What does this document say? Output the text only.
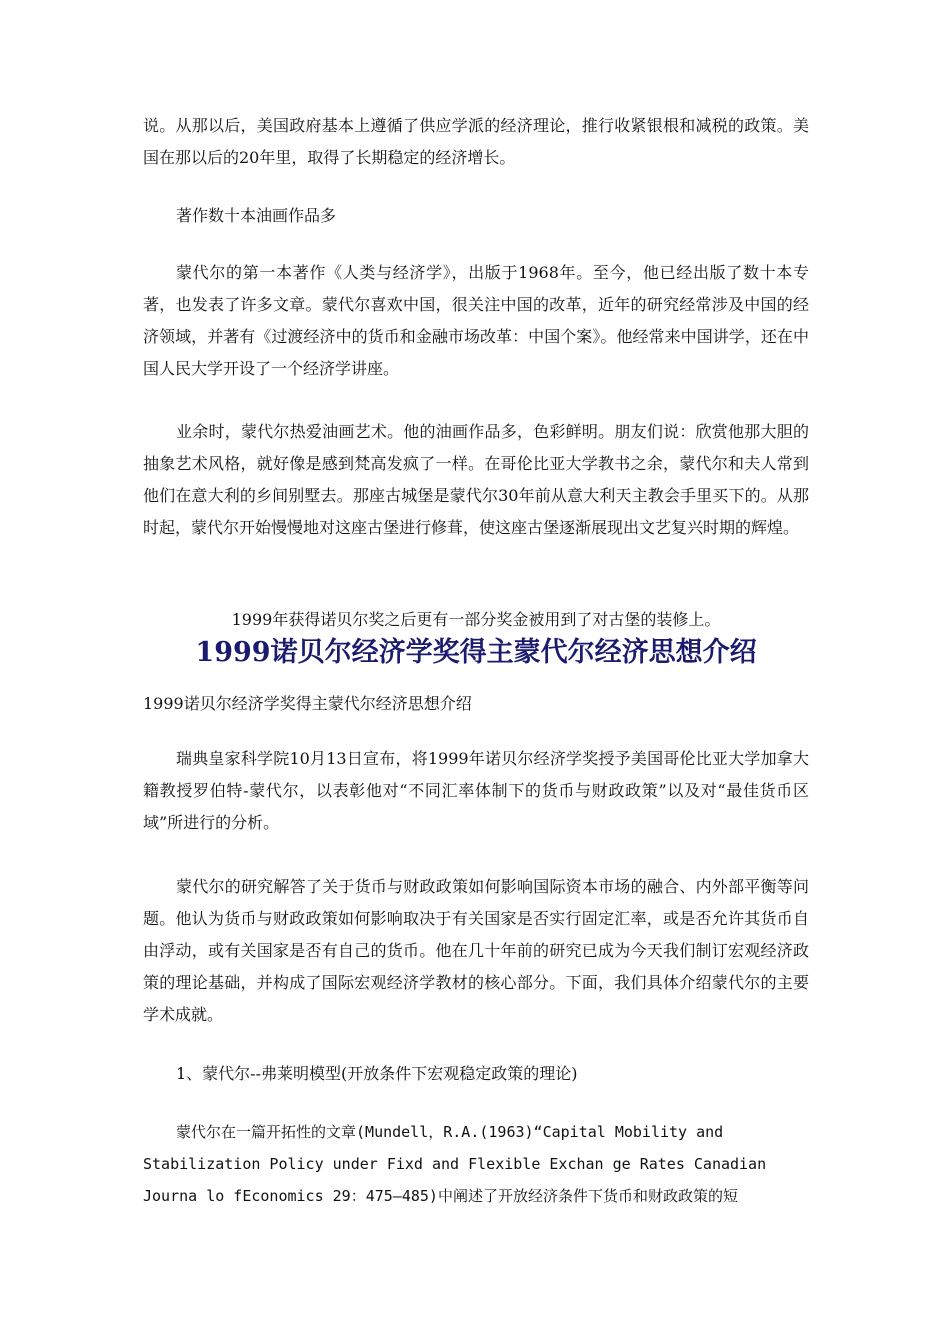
说。从那以后，美国政府基本上遵循了供应学派的经济理论，推行收紧银根和减税的政策。美国在那以后的20年里，取得了长期稳定的经济增长。

著作数十本油画作品多

蒙代尔的第一本著作《人类与经济学》，出版于1968年。至今，他已经出版了数十本专著，也发表了许多文章。蒙代尔喜欢中国，很关注中国的改革，近年的研究经常涉及中国的经济领域，并著有《过渡经济中的货币和金融市场改革：中国个案》。他经常来中国讲学，还在中国人民大学开设了一个经济学讲座。

业余时，蒙代尔热爱油画艺术。他的油画作品多，色彩鲜明。朋友们说：欣赏他那大胆的抽象艺术风格，就好像是感到梵高发疯了一样。在哥伦比亚大学教书之余，蒙代尔和夫人常到他们在意大利的乡间别墅去。那座古城堡是蒙代尔30年前从意大利天主教会手里买下的。从那时起，蒙代尔开始慢慢地对这座古堡进行修葺，使这座古堡逐渐展现出文艺复兴时期的辉煌。

1999年获得诺贝尔奖之后更有一部分奖金被用到了对古堡的装修上。

1999诺贝尔经济学奖得主蒙代尔经济思想介绍

1999诺贝尔经济学奖得主蒙代尔经济思想介绍

瑞典皇家科学院10月13日宣布，将1999年诺贝尔经济学奖授予美国哥伦比亚大学加拿大籍教授罗伯特-蒙代尔，以表彰他对“不同汇率体制下的货币与财政政策”以及对“最佳货币区域”所进行的分析。

蒙代尔的研究解答了关于货币与财政政策如何影响国际资本市场的融合、内外部平衡等问题。他认为货币与财政政策如何影响取决于有关国家是否实行固定汇率，或是否允许其货币自由浮动，或有关国家是否有自己的货币。他在几十年前的研究已成为今天我们制订宏观经济政策的理论基础，并构成了国际宏观经济学教材的核心部分。下面，我们具体介绍蒙代尔的主要学术成就。

1、蒙代尔--弗莱明模型(开放条件下宏观稳定政策的理论)

蒙代尔在一篇开拓性的文章(Mundell，R.A.(1963)“Capital Mobility and

Stabilization Policy under Fixd and Flexible Exchan ge Rates Canadian

Journa lo fEconomics 29：475—485)中阐述了开放经济条件下货币和财政政策的短
